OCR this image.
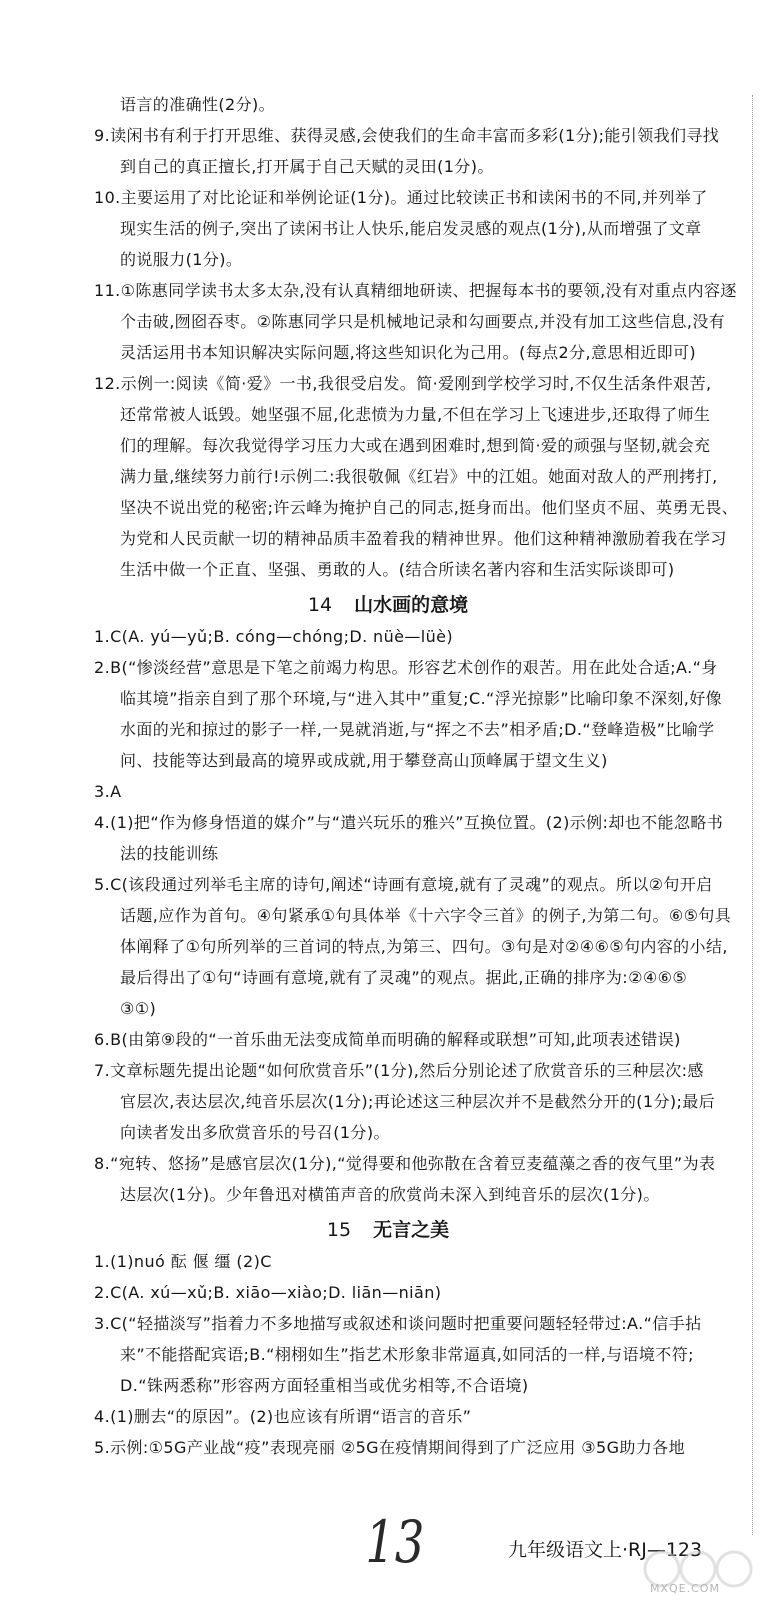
语言的准确性(2分)。
9.读闲书有利于打开思维、获得灵感,会使我们的生命丰富而多彩(1分);能引领我们寻找
到自己的真正擅长,打开属于自己天赋的灵田(1分)。
10.主要运用了对比论证和举例论证(1分)。通过比较读正书和读闲书的不同,并列举了
现实生活的例子,突出了读闲书让人快乐,能启发灵感的观点(1分),从而增强了文章
的说服力(1分)。
11.①陈惠同学读书太多太杂,没有认真精细地研读、把握每本书的要领,没有对重点内容逐
个击破,囫囵吞枣。②陈惠同学只是机械地记录和勾画要点,并没有加工这些信息,没有
灵活运用书本知识解决实际问题,将这些知识化为己用。(每点2分,意思相近即可)
12.示例一:阅读《简·爱》一书,我很受启发。简·爱刚到学校学习时,不仅生活条件艰苦,
还常常被人诋毁。她坚强不屈,化悲愤为力量,不但在学习上飞速进步,还取得了师生
们的理解。每次我觉得学习压力大或在遇到困难时,想到简·爱的顽强与坚韧,就会充
满力量,继续努力前行!示例二:我很敬佩《红岩》中的江姐。她面对敌人的严刑拷打,
坚决不说出党的秘密;许云峰为掩护自己的同志,挺身而出。他们坚贞不屈、英勇无畏、
为党和人民贡献一切的精神品质丰盈着我的精神世界。他们这种精神激励着我在学习
生活中做一个正直、坚强、勇敢的人。(结合所读名著内容和生活实际谈即可)
14 山水画的意境
1.C(A. yú—yǔ;B. cóng—chóng;D. nüè—lüè)
2.B(“惨淡经营”意思是下笔之前竭力构思。形容艺术创作的艰苦。用在此处合适;A.“身
临其境”指亲自到了那个环境,与“进入其中”重复;C.“浮光掠影”比喻印象不深刻,好像
水面的光和掠过的影子一样,一晃就消逝,与“挥之不去”相矛盾;D.“登峰造极”比喻学
问、技能等达到最高的境界或成就,用于攀登高山顶峰属于望文生义)
3.A
4.(1)把“作为修身悟道的媒介”与“遣兴玩乐的雅兴”互换位置。(2)示例:却也不能忽略书
法的技能训练
5.C(该段通过列举毛主席的诗句,阐述“诗画有意境,就有了灵魂”的观点。所以②句开启
话题,应作为首句。④句紧承①句具体举《十六字令三首》的例子,为第二句。⑥⑤句具
体阐释了①句所列举的三首词的特点,为第三、四句。③句是对②④⑥⑤句内容的小结,
最后得出了①句“诗画有意境,就有了灵魂”的观点。据此,正确的排序为:②④⑥⑤
③①)
6.B(由第⑨段的“一首乐曲无法变成简单而明确的解释或联想”可知,此项表述错误)
7.文章标题先提出论题“如何欣赏音乐”(1分),然后分别论述了欣赏音乐的三种层次:感
官层次,表达层次,纯音乐层次(1分);再论述这三种层次并不是截然分开的(1分);最后
向读者发出多欣赏音乐的号召(1分)。
8.“宛转、悠扬”是感官层次(1分),“觉得要和他弥散在含着豆麦蕴藻之香的夜气里”为表
达层次(1分)。少年鲁迅对横笛声音的欣赏尚未深入到纯音乐的层次(1分)。
15 无言之美
1.(1)nuó 酝 偃 缰 (2)C
2.C(A. xú—xǔ;B. xiāo—xiào;D. liān—niān)
3.C(“轻描淡写”指着力不多地描写或叙述和谈问题时把重要问题轻轻带过:A.“信手拈
来”不能搭配宾语;B.“栩栩如生”指艺术形象非常逼真,如同活的一样,与语境不符;
D.“铢两悉称”形容两方面轻重相当或优劣相等,不合语境)
4.(1)删去“的原因”。(2)也应该有所谓“语言的音乐”
5.示例:①5G产业战“疫”表现亮丽 ②5G在疫情期间得到了广泛应用 ③5G助力各地
13	九年级语文上·RJ—123
MXQE.COM
